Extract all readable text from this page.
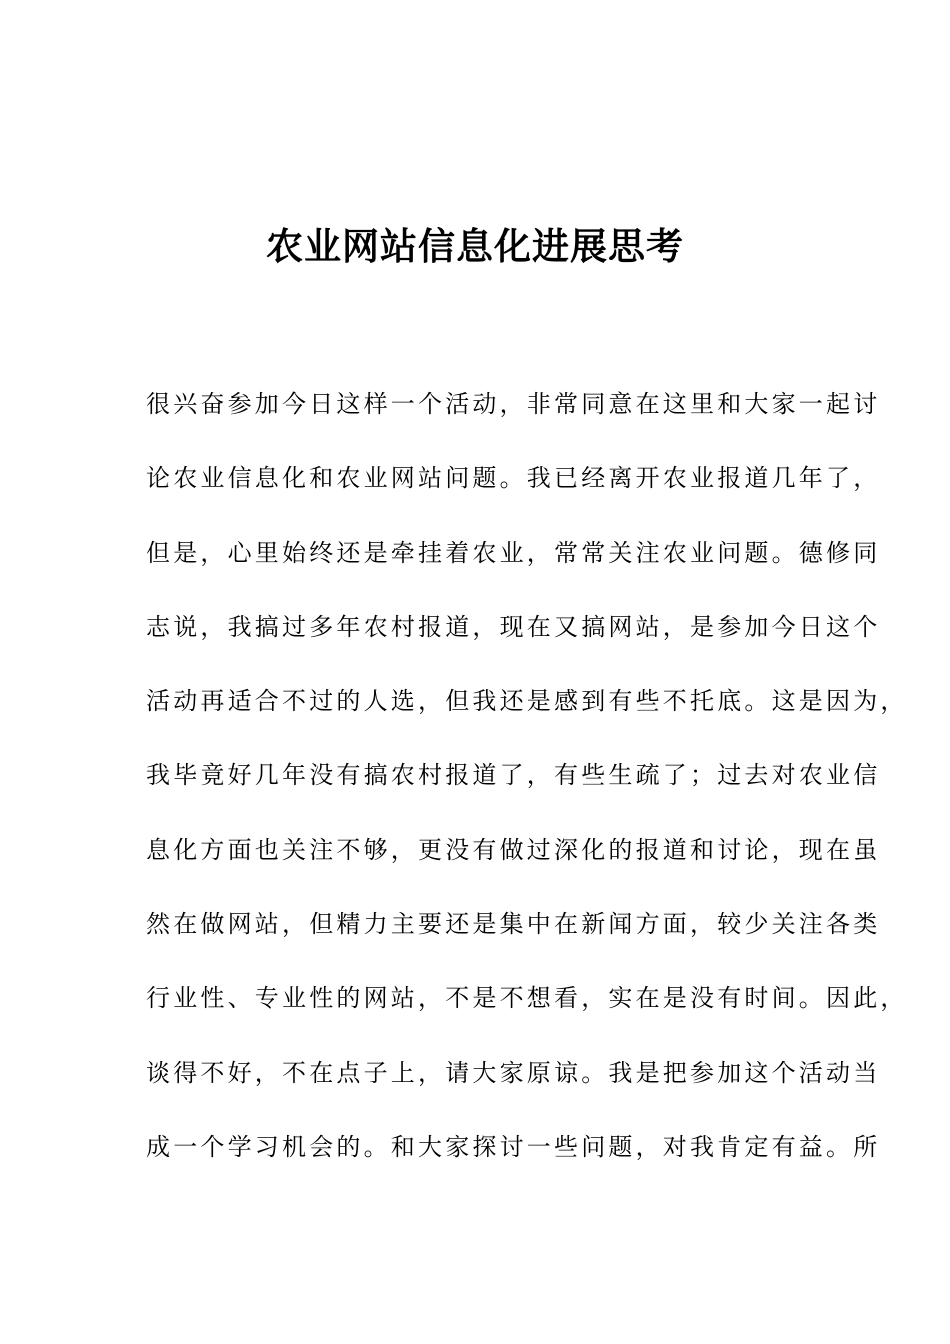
农业网站信息化进展思考
很兴奋参加今日这样一个活动，非常同意在这里和大家一起讨
论农业信息化和农业网站问题。我已经离开农业报道几年了，
但是，心里始终还是牵挂着农业，常常关注农业问题。德修同
志说，我搞过多年农村报道，现在又搞网站，是参加今日这个
活动再适合不过的人选，但我还是感到有些不托底。这是因为，
我毕竟好几年没有搞农村报道了，有些生疏了；过去对农业信
息化方面也关注不够，更没有做过深化的报道和讨论，现在虽
然在做网站，但精力主要还是集中在新闻方面，较少关注各类
行业性、专业性的网站，不是不想看，实在是没有时间。因此，
谈得不好，不在点子上，请大家原谅。我是把参加这个活动当
成一个学习机会的。和大家探讨一些问题，对我肯定有益。所
